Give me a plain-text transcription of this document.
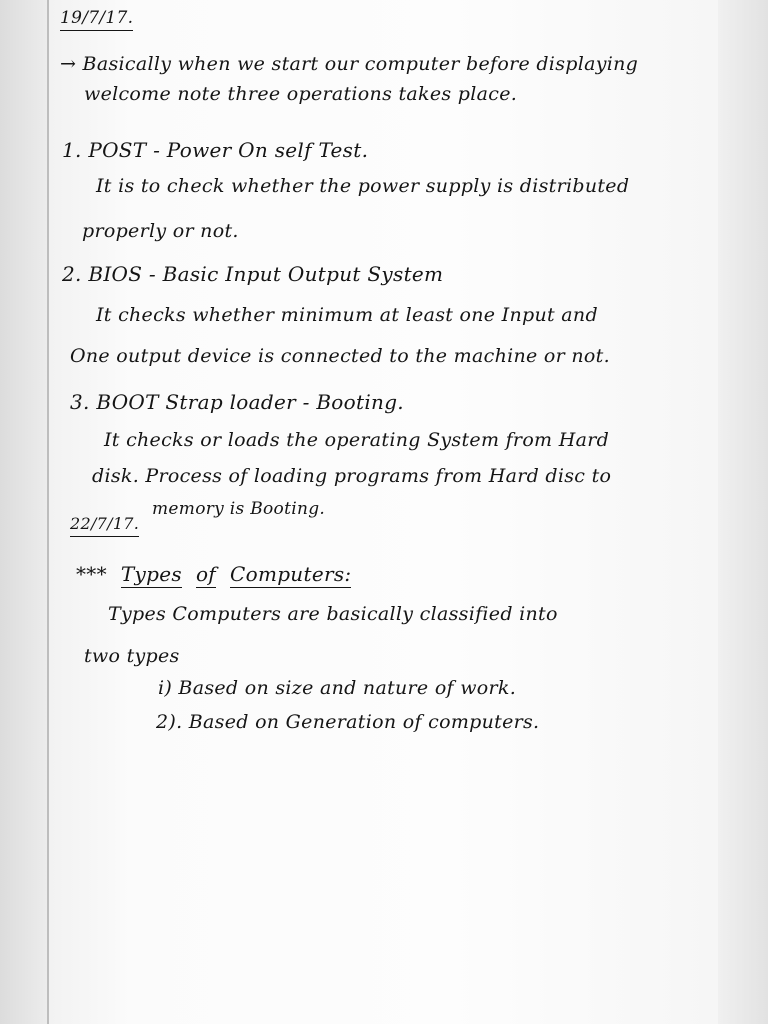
19/7/17.

→ Basically when we start our computer before displaying

welcome note three operations takes place.

1. POST - Power On self Test.

It is to check whether the power supply is distributed

properly or not.

2. BIOS - Basic Input Output System

It checks whether minimum at least one Input and

One output device is connected to the machine or not.

3. BOOT Strap loader - Booting.

It checks or loads the operating System from Hard

disk. Process of loading programs from Hard disc to

memory is Booting.

22/7/17.

*** Types of Computers:

Types Computers are basically classified into

two types

i) Based on size and nature of work.

2). Based on Generation of computers.
